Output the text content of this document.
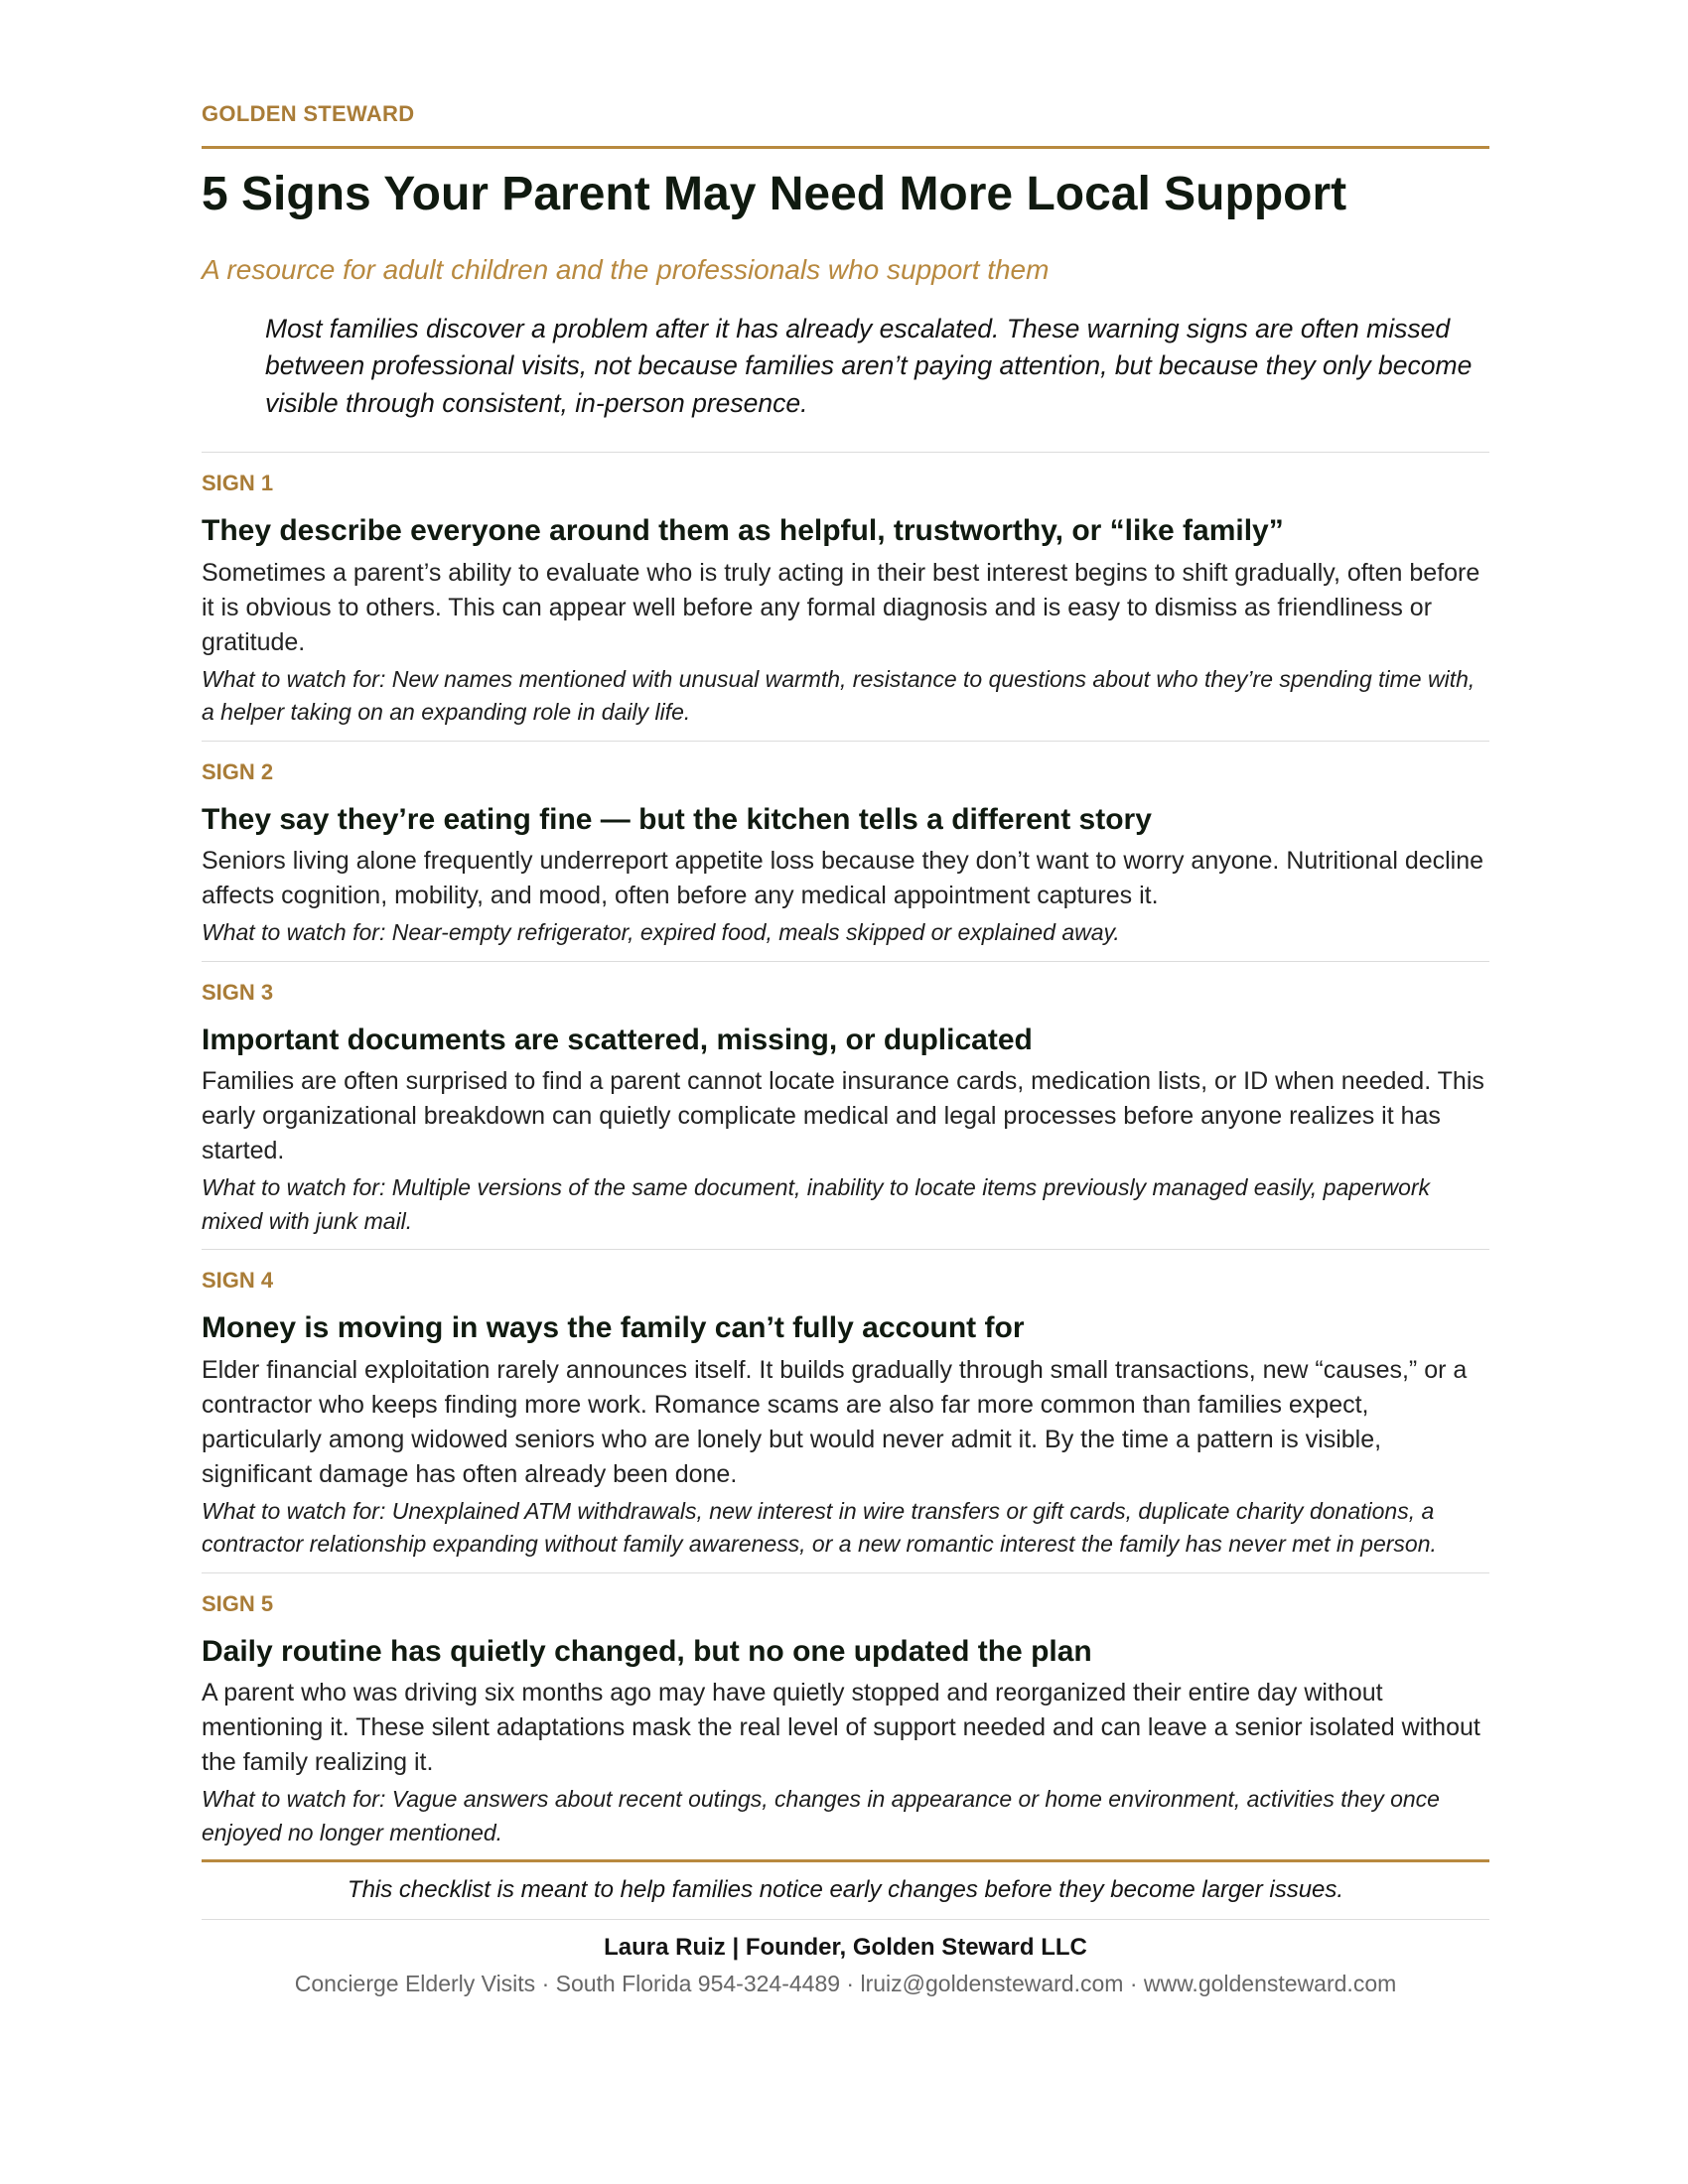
GOLDEN STEWARD
5 Signs Your Parent May Need More Local Support
A resource for adult children and the professionals who support them
Most families discover a problem after it has already escalated. These warning signs are often missed between professional visits, not because families aren’t paying attention, but because they only become visible through consistent, in-person presence.
SIGN 1
They describe everyone around them as helpful, trustworthy, or “like family”
Sometimes a parent’s ability to evaluate who is truly acting in their best interest begins to shift gradually, often before it is obvious to others. This can appear well before any formal diagnosis and is easy to dismiss as friendliness or gratitude.
What to watch for: New names mentioned with unusual warmth, resistance to questions about who they’re spending time with, a helper taking on an expanding role in daily life.
SIGN 2
They say they’re eating fine — but the kitchen tells a different story
Seniors living alone frequently underreport appetite loss because they don’t want to worry anyone. Nutritional decline affects cognition, mobility, and mood, often before any medical appointment captures it.
What to watch for: Near-empty refrigerator, expired food, meals skipped or explained away.
SIGN 3
Important documents are scattered, missing, or duplicated
Families are often surprised to find a parent cannot locate insurance cards, medication lists, or ID when needed. This early organizational breakdown can quietly complicate medical and legal processes before anyone realizes it has started.
What to watch for: Multiple versions of the same document, inability to locate items previously managed easily, paperwork mixed with junk mail.
SIGN 4
Money is moving in ways the family can’t fully account for
Elder financial exploitation rarely announces itself. It builds gradually through small transactions, new “causes,” or a contractor who keeps finding more work. Romance scams are also far more common than families expect, particularly among widowed seniors who are lonely but would never admit it. By the time a pattern is visible, significant damage has often already been done.
What to watch for: Unexplained ATM withdrawals, new interest in wire transfers or gift cards, duplicate charity donations, a contractor relationship expanding without family awareness, or a new romantic interest the family has never met in person.
SIGN 5
Daily routine has quietly changed, but no one updated the plan
A parent who was driving six months ago may have quietly stopped and reorganized their entire day without mentioning it. These silent adaptations mask the real level of support needed and can leave a senior isolated without the family realizing it.
What to watch for: Vague answers about recent outings, changes in appearance or home environment, activities they once enjoyed no longer mentioned.
This checklist is meant to help families notice early changes before they become larger issues.
Laura Ruiz | Founder, Golden Steward LLC
Concierge Elderly Visits · South Florida 954-324-4489 · lruiz@goldensteward.com · www.goldensteward.com
